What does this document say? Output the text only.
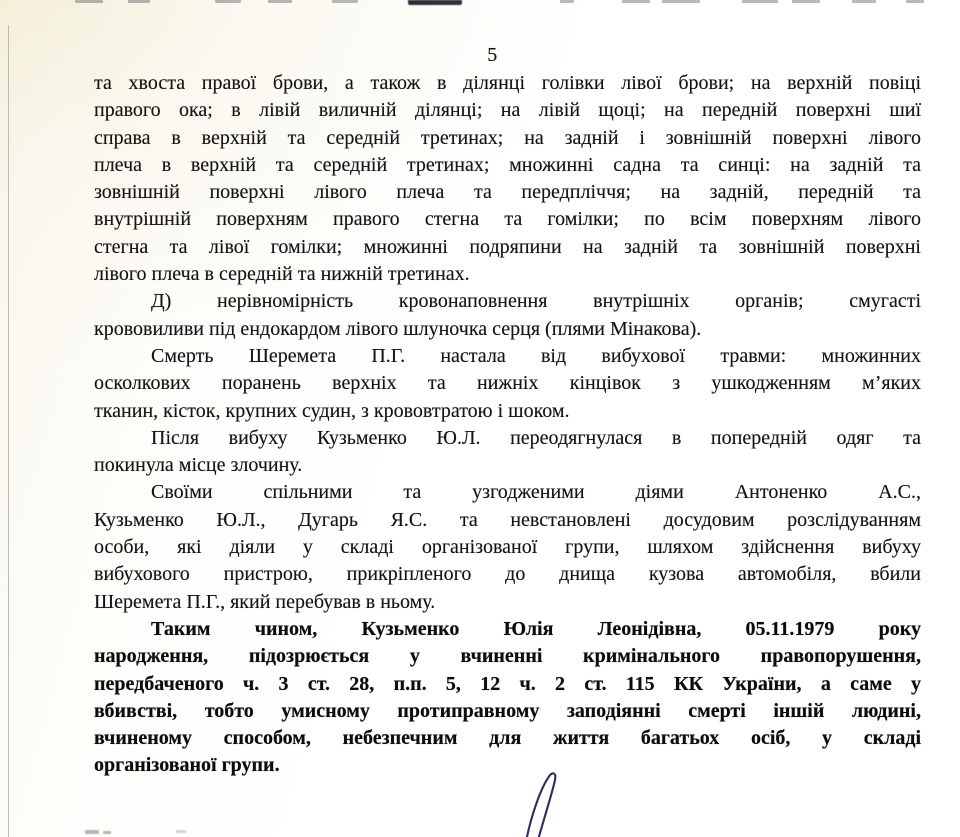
5
та хвоста правої брови, а також в ділянці голівки лівої брови; на верхній повіці
правого ока; в лівій виличній ділянці; на лівій щоці; на передній поверхні шиї
справа в верхній та середній третинах; на задній і зовнішній поверхні лівого
плеча в верхній та середній третинах; множинні садна та синці: на задній та
зовнішній поверхні лівого плеча та передпліччя; на задній, передній та
внутрішній поверхням правого стегна та гомілки; по всім поверхням лівого
стегна та лівої гомілки; множинні подряпини на задній та зовнішній поверхні
лівого плеча в середній та нижній третинах.
Д) нерівномірність кровонаповнення внутрішніх органів; смугасті
крововиливи під ендокардом лівого шлуночка серця (плями Мінакова).
Смерть Шеремета П.Г. настала від вибухової травми: множинних
осколкових поранень верхніх та нижніх кінцівок з ушкодженням м’яких
тканин, кісток, крупних судин, з крововтратою і шоком.
Після вибуху Кузьменко Ю.Л. переодягнулася в попередній одяг та
покинула місце злочину.
Своїми спільними та узгодженими діями Антоненко А.С.,
Кузьменко Ю.Л., Дугарь Я.С. та невстановлені досудовим розслідуванням
особи, які діяли у складі організованої групи, шляхом здійснення вибуху
вибухового пристрою, прикріпленого до днища кузова автомобіля, вбили
Шеремета П.Г., який перебував в ньому.
Таким чином, Кузьменко Юлія Леонідівна, 05.11.1979 року
народження, підозрюється у вчиненні кримінального правопорушення,
передбаченого ч. 3 ст. 28, п.п. 5, 12 ч. 2 ст. 115 КК України, а саме у
вбивстві, тобто умисному протиправному заподіянні смерті іншій людині,
вчиненому способом, небезпечним для життя багатьох осіб, у складі
організованої групи.
